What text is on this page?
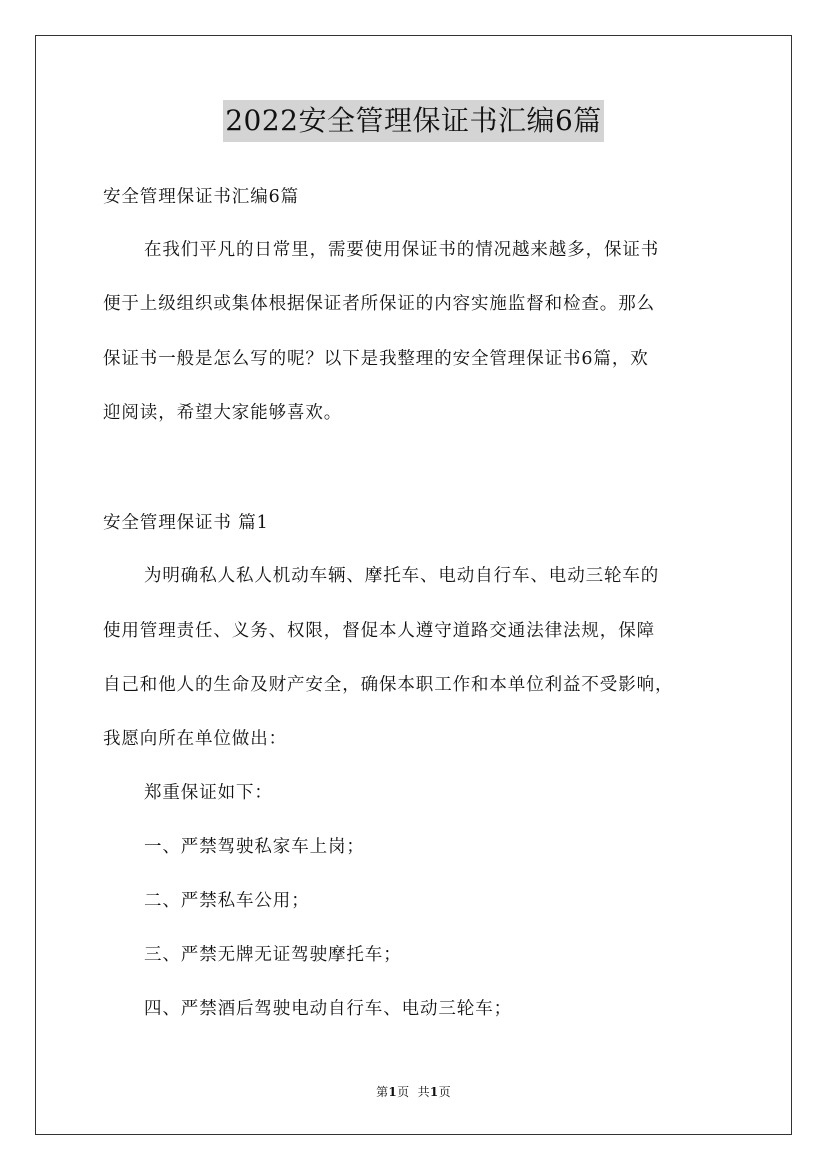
2022安全管理保证书汇编6篇
安全管理保证书汇编6篇
在我们平凡的日常里，需要使用保证书的情况越来越多，保证书
便于上级组织或集体根据保证者所保证的内容实施监督和检查。那么
保证书一般是怎么写的呢？以下是我整理的安全管理保证书6篇，欢
迎阅读，希望大家能够喜欢。
安全管理保证书 篇1
为明确私人私人机动车辆、摩托车、电动自行车、电动三轮车的
使用管理责任、义务、权限，督促本人遵守道路交通法律法规，保障
自己和他人的生命及财产安全，确保本职工作和本单位利益不受影响，
我愿向所在单位做出：
郑重保证如下：
一、严禁驾驶私家车上岗；
二、严禁私车公用；
三、严禁无牌无证驾驶摩托车；
四、严禁酒后驾驶电动自行车、电动三轮车；
第1页 共1页
